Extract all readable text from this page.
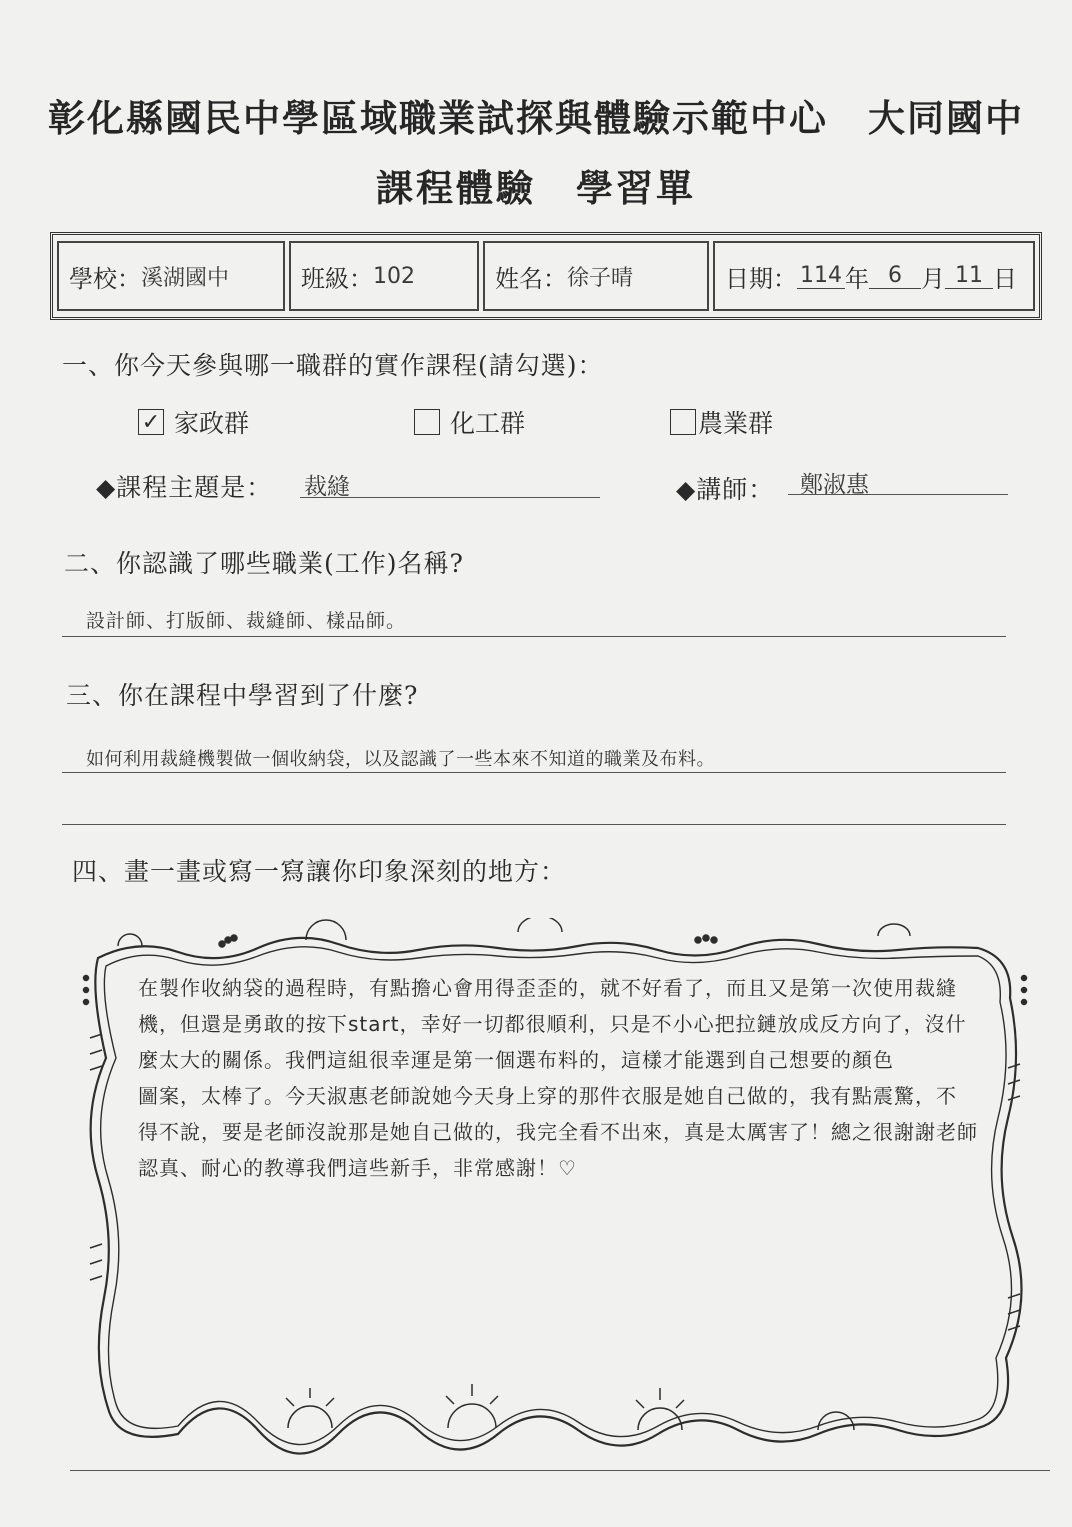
彰化縣國民中學區域職業試探與體驗示範中心 大同國中
課程體驗 學習單
學校： 溪湖國中	班級： 102	姓名： 徐子晴	日期： 114 年 6 月 11 日
一、你今天參與哪一職群的實作課程(請勾選)：
✓ 家政群	化工群	農業群
◆課程主題是： 裁縫	◆講師： 鄭淑惠
二、你認識了哪些職業(工作)名稱?
設計師、打版師、裁縫師、樣品師。
三、你在課程中學習到了什麼?
如何利用裁縫機製做一個收納袋，以及認識了一些本來不知道的職業及布料。
四、畫一畫或寫一寫讓你印象深刻的地方：

在製作收納袋的過程時，有點擔心會用得歪歪的，就不好看了，而且又是第一次使用裁縫

機，但還是勇敢的按下start，幸好一切都很順利，只是不小心把拉鏈放成反方向了，沒什

麼太大的關係。我們這組很幸運是第一個選布料的，這樣才能選到自己想要的顏色

圖案，太棒了。今天淑惠老師說她今天身上穿的那件衣服是她自己做的，我有點震驚，不

得不說，要是老師沒說那是她自己做的，我完全看不出來，真是太厲害了！總之很謝謝老師

認真、耐心的教導我們這些新手，非常感謝！♡
